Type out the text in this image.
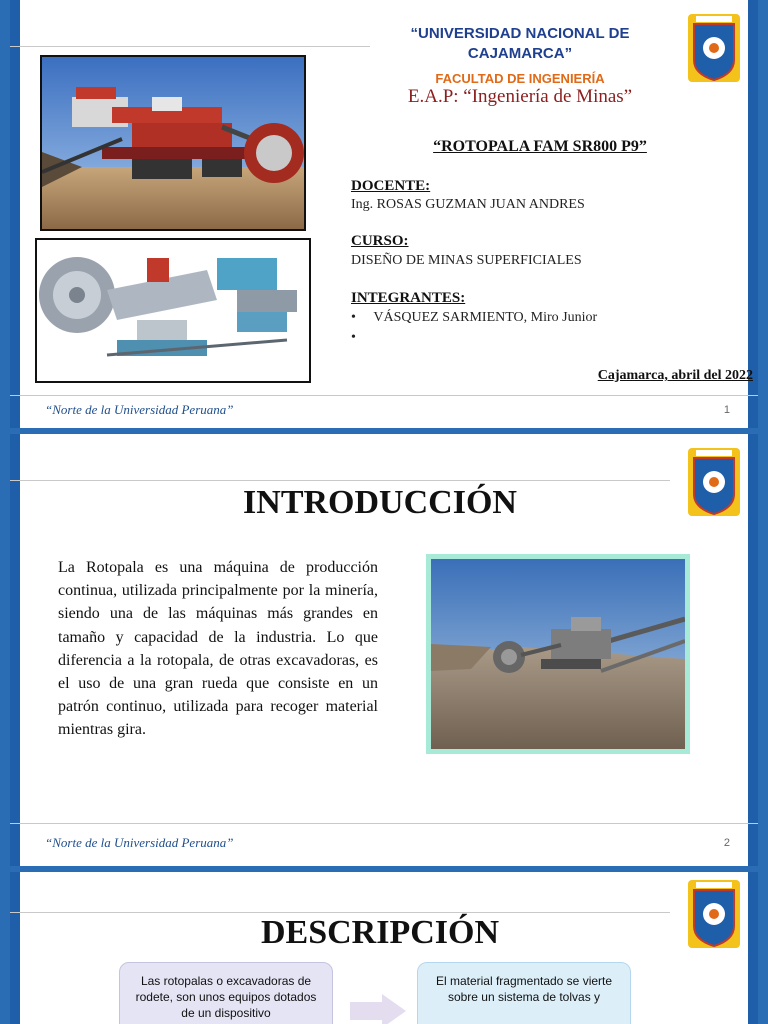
“UNIVERSIDAD NACIONAL DE CAJAMARCA”
FACULTAD DE INGENIERÍA
E.A.P: “Ingeniería de Minas”
“ROTOPALA FAM SR800 P9”
DOCENTE:
Ing. ROSAS GUZMAN JUAN ANDRES
CURSO:
DISEÑO DE MINAS SUPERFICIALES
INTEGRANTES:
•     VÁSQUEZ SARMIENTO, Miro Junior
•
Cajamarca, abril del 2022
“Norte de la Universidad Peruana”	1
INTRODUCCIÓN
La Rotopala es una máquina de producción continua, utilizada principalmente por la minería, siendo una de las máquinas más grandes en tamaño y capacidad de la industria. Lo que diferencia a la rotopala, de otras excavadoras, es el uso de una gran rueda que consiste en un patrón continuo, utilizada para recoger material mientras gira.
“Norte de la Universidad Peruana”	2
DESCRIPCIÓN
Las rotopalas o excavadoras de rodete, son unos equipos dotados de un dispositivo
El material fragmentado se vierte sobre un sistema de tolvas y
